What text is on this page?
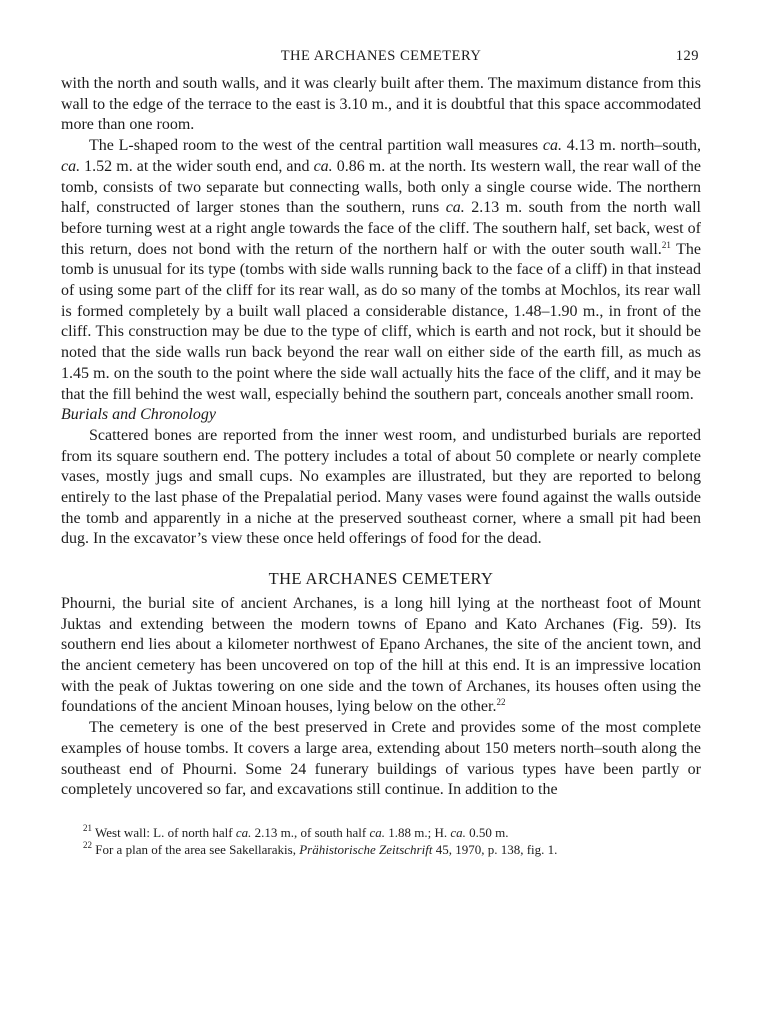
THE ARCHANES CEMETERY	129

with the north and south walls, and it was clearly built after them. The maximum distance from this wall to the edge of the terrace to the east is 3.10 m., and it is doubtful that this space accommodated more than one room.

The L-shaped room to the west of the central partition wall measures ca. 4.13 m. north–south, ca. 1.52 m. at the wider south end, and ca. 0.86 m. at the north. Its western wall, the rear wall of the tomb, consists of two separate but connecting walls, both only a single course wide. The northern half, constructed of larger stones than the southern, runs ca. 2.13 m. south from the north wall before turning west at a right angle towards the face of the cliff. The southern half, set back, west of this return, does not bond with the return of the northern half or with the outer south wall.$^{21}$ The tomb is unusual for its type (tombs with side walls running back to the face of a cliff) in that instead of using some part of the cliff for its rear wall, as do so many of the tombs at Mochlos, its rear wall is formed completely by a built wall placed a considerable distance, 1.48–1.90 m., in front of the cliff. This construction may be due to the type of cliff, which is earth and not rock, but it should be noted that the side walls run back beyond the rear wall on either side of the earth fill, as much as 1.45 m. on the south to the point where the side wall actually hits the face of the cliff, and it may be that the fill behind the west wall, especially behind the southern part, conceals another small room.

Burials and Chronology

Scattered bones are reported from the inner west room, and undisturbed burials are reported from its square southern end. The pottery includes a total of about 50 complete or nearly complete vases, mostly jugs and small cups. No examples are illustrated, but they are reported to belong entirely to the last phase of the Prepalatial period. Many vases were found against the walls outside the tomb and apparently in a niche at the preserved southeast corner, where a small pit had been dug. In the excavator’s view these once held offerings of food for the dead.

THE ARCHANES CEMETERY

Phourni, the burial site of ancient Archanes, is a long hill lying at the northeast foot of Mount Juktas and extending between the modern towns of Epano and Kato Archanes (Fig. 59). Its southern end lies about a kilometer northwest of Epano Archanes, the site of the ancient town, and the ancient cemetery has been uncovered on top of the hill at this end. It is an impressive location with the peak of Juktas towering on one side and the town of Archanes, its houses often using the foundations of the ancient Minoan houses, lying below on the other.$^{22}$

The cemetery is one of the best preserved in Crete and provides some of the most complete examples of house tombs. It covers a large area, extending about 150 meters north–south along the southeast end of Phourni. Some 24 funerary buildings of various types have been partly or completely uncovered so far, and excavations still continue. In addition to the

$^{21}$ West wall: L. of north half ca. 2.13 m., of south half ca. 1.88 m.; H. ca. 0.50 m.
$^{22}$ For a plan of the area see Sakellarakis, Prähistorische Zeitschrift 45, 1970, p. 138, fig. 1.
